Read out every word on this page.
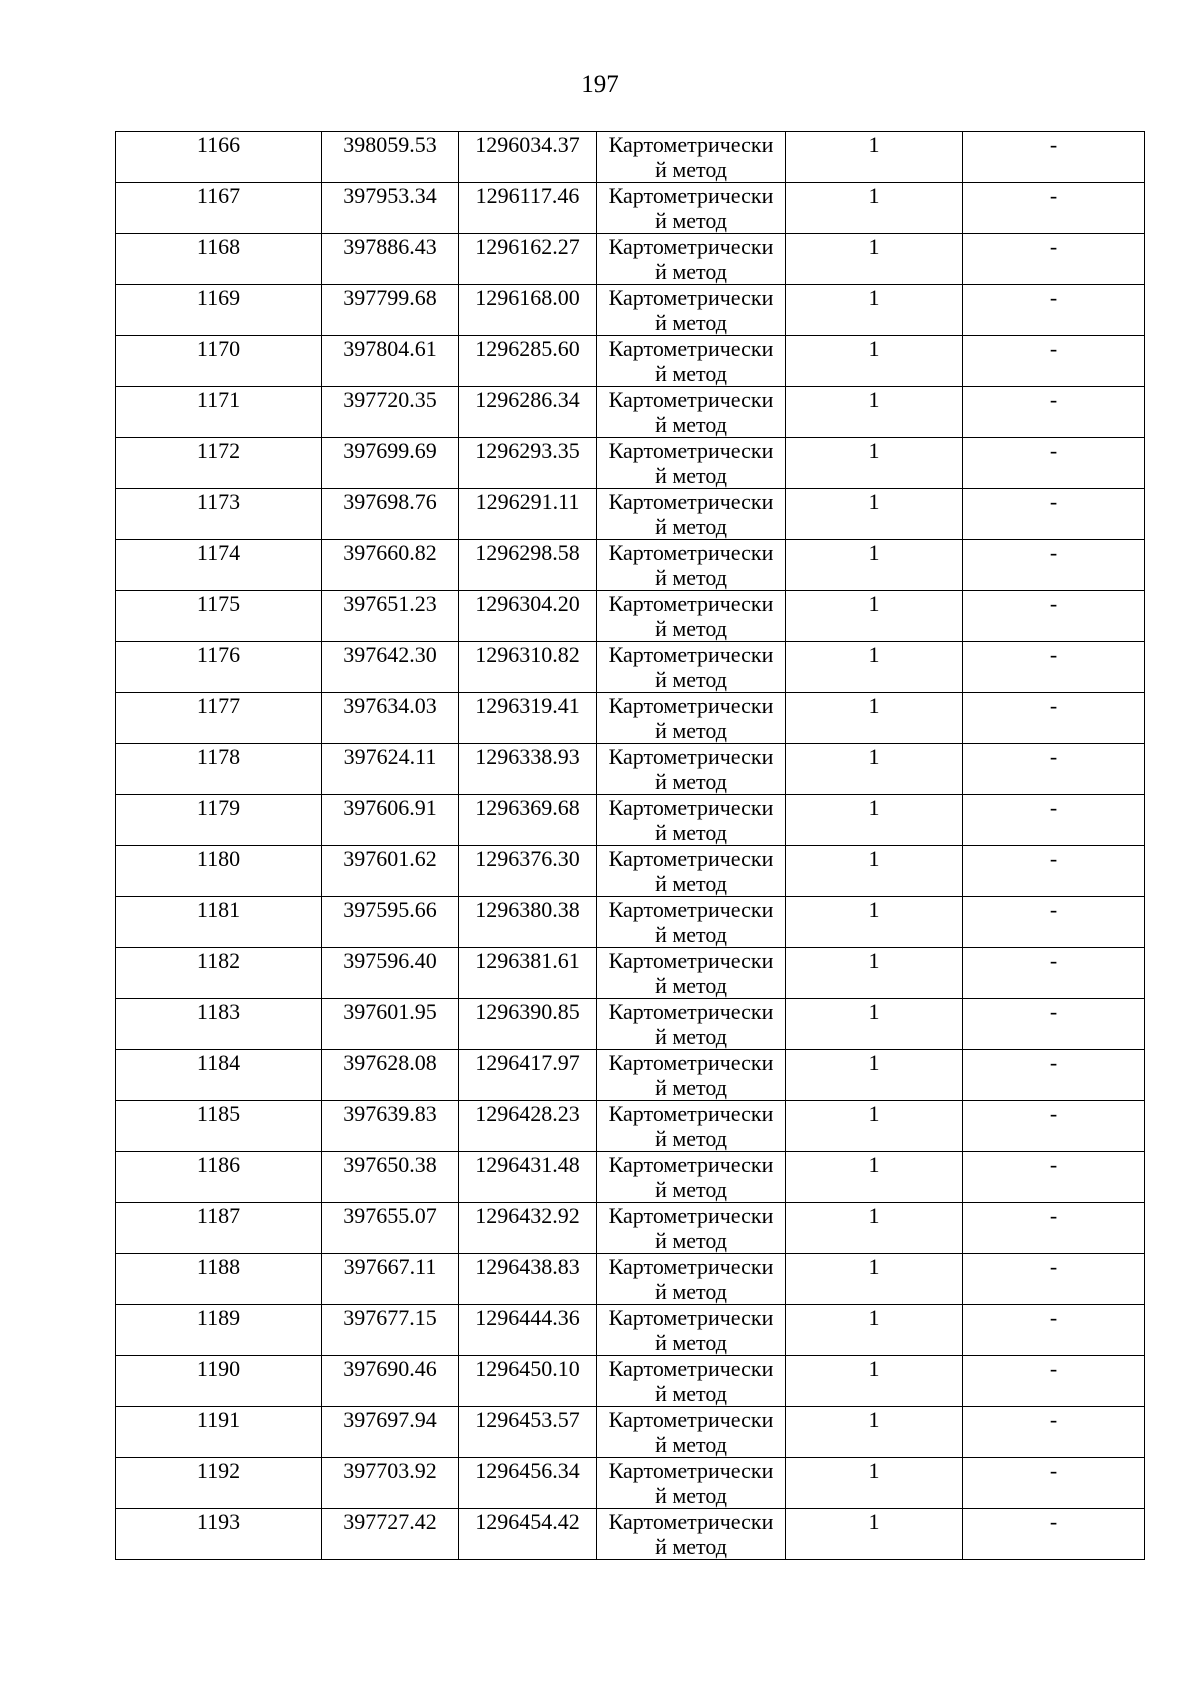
197
1166	398059.53	1296034.37	Картометрически
й метод	1	-

1167	397953.34	1296117.46	Картометрически
й метод	1	-

1168	397886.43	1296162.27	Картометрически
й метод	1	-

1169	397799.68	1296168.00	Картометрически
й метод	1	-

1170	397804.61	1296285.60	Картометрически
й метод	1	-

1171	397720.35	1296286.34	Картометрически
й метод	1	-

1172	397699.69	1296293.35	Картометрически
й метод	1	-

1173	397698.76	1296291.11	Картометрически
й метод	1	-

1174	397660.82	1296298.58	Картометрически
й метод	1	-

1175	397651.23	1296304.20	Картометрически
й метод	1	-

1176	397642.30	1296310.82	Картометрически
й метод	1	-

1177	397634.03	1296319.41	Картометрически
й метод	1	-

1178	397624.11	1296338.93	Картометрически
й метод	1	-

1179	397606.91	1296369.68	Картометрически
й метод	1	-

1180	397601.62	1296376.30	Картометрически
й метод	1	-

1181	397595.66	1296380.38	Картометрически
й метод	1	-

1182	397596.40	1296381.61	Картометрически
й метод	1	-

1183	397601.95	1296390.85	Картометрически
й метод	1	-

1184	397628.08	1296417.97	Картометрически
й метод	1	-

1185	397639.83	1296428.23	Картометрически
й метод	1	-

1186	397650.38	1296431.48	Картометрически
й метод	1	-

1187	397655.07	1296432.92	Картометрически
й метод	1	-

1188	397667.11	1296438.83	Картометрически
й метод	1	-

1189	397677.15	1296444.36	Картометрически
й метод	1	-

1190	397690.46	1296450.10	Картометрически
й метод	1	-

1191	397697.94	1296453.57	Картометрически
й метод	1	-

1192	397703.92	1296456.34	Картометрически
й метод	1	-

1193	397727.42	1296454.42	Картометрически
й метод	1	-
